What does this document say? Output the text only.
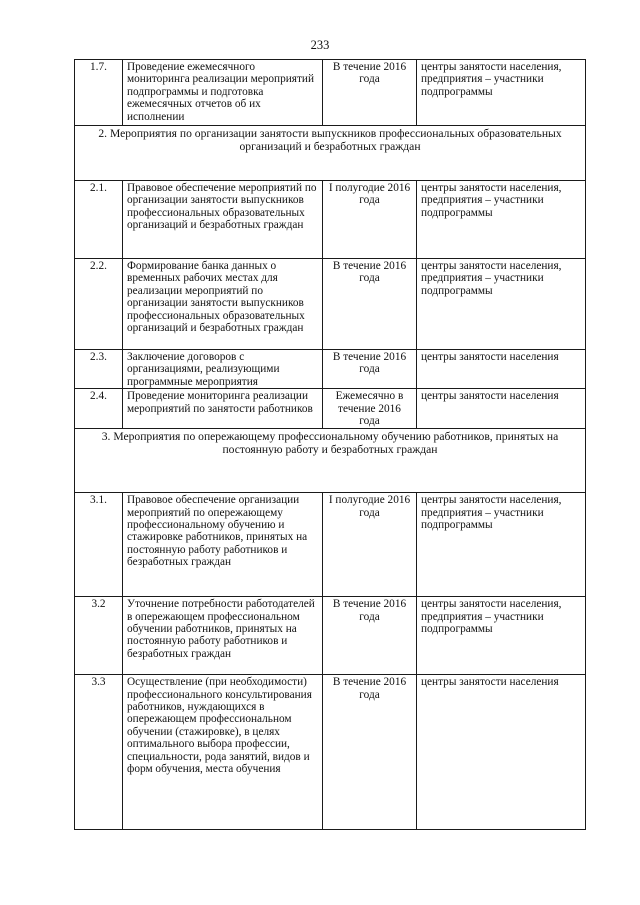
233
1.7.	Проведение ежемесячного мониторинга реализации мероприятий подпрограммы и подготовка ежемесячных отчетов об их исполнении	В течение 2016 года	центры занятости населения, предприятия – участники подпрограммы

2. Мероприятия по организации занятости выпускников профессиональных образовательных организаций и безработных граждан			

2.1.	Правовое обеспечение мероприятий по организации занятости выпускников профессиональных образовательных организаций и безработных граждан	I полугодие 2016 года	центры занятости населения, предприятия – участники подпрограммы
2.2.	Формирование банка данных о временных рабочих местах для реализации мероприятий по организации занятости выпускников профессиональных образовательных организаций и безработных граждан	В течение 2016 года	центры занятости населения, предприятия – участники подпрограммы
2.3.	Заключение договоров с организациями, реализующими программные мероприятия	В течение 2016 года	центры занятости населения
2.4.	Проведение мониторинга реализации мероприятий по занятости работников	Ежемесячно в течение 2016 года	центры занятости населения

3. Мероприятия по опережающему профессиональному обучению работников, принятых на постоянную работу и безработных граждан			

3.1.	Правовое обеспечение организации мероприятий по опережающему профессиональному обучению и стажировке работников, принятых на постоянную работу работников и безработных граждан	I полугодие 2016 года	центры занятости населения, предприятия – участники подпрограммы
3.2	Уточнение потребности работодателей в опережающем профессиональном обучении работников, принятых на постоянную работу работников и безработных граждан	В течение 2016 года	центры занятости населения, предприятия – участники подпрограммы
3.3	Осуществление (при необходимости) профессионального консультирования работников, нуждающихся в опережающем профессиональном обучении (стажировке), в целях оптимального выбора профессии, специальности, рода занятий, видов и форм обучения, места обучения	В течение 2016 года	центры занятости населения
